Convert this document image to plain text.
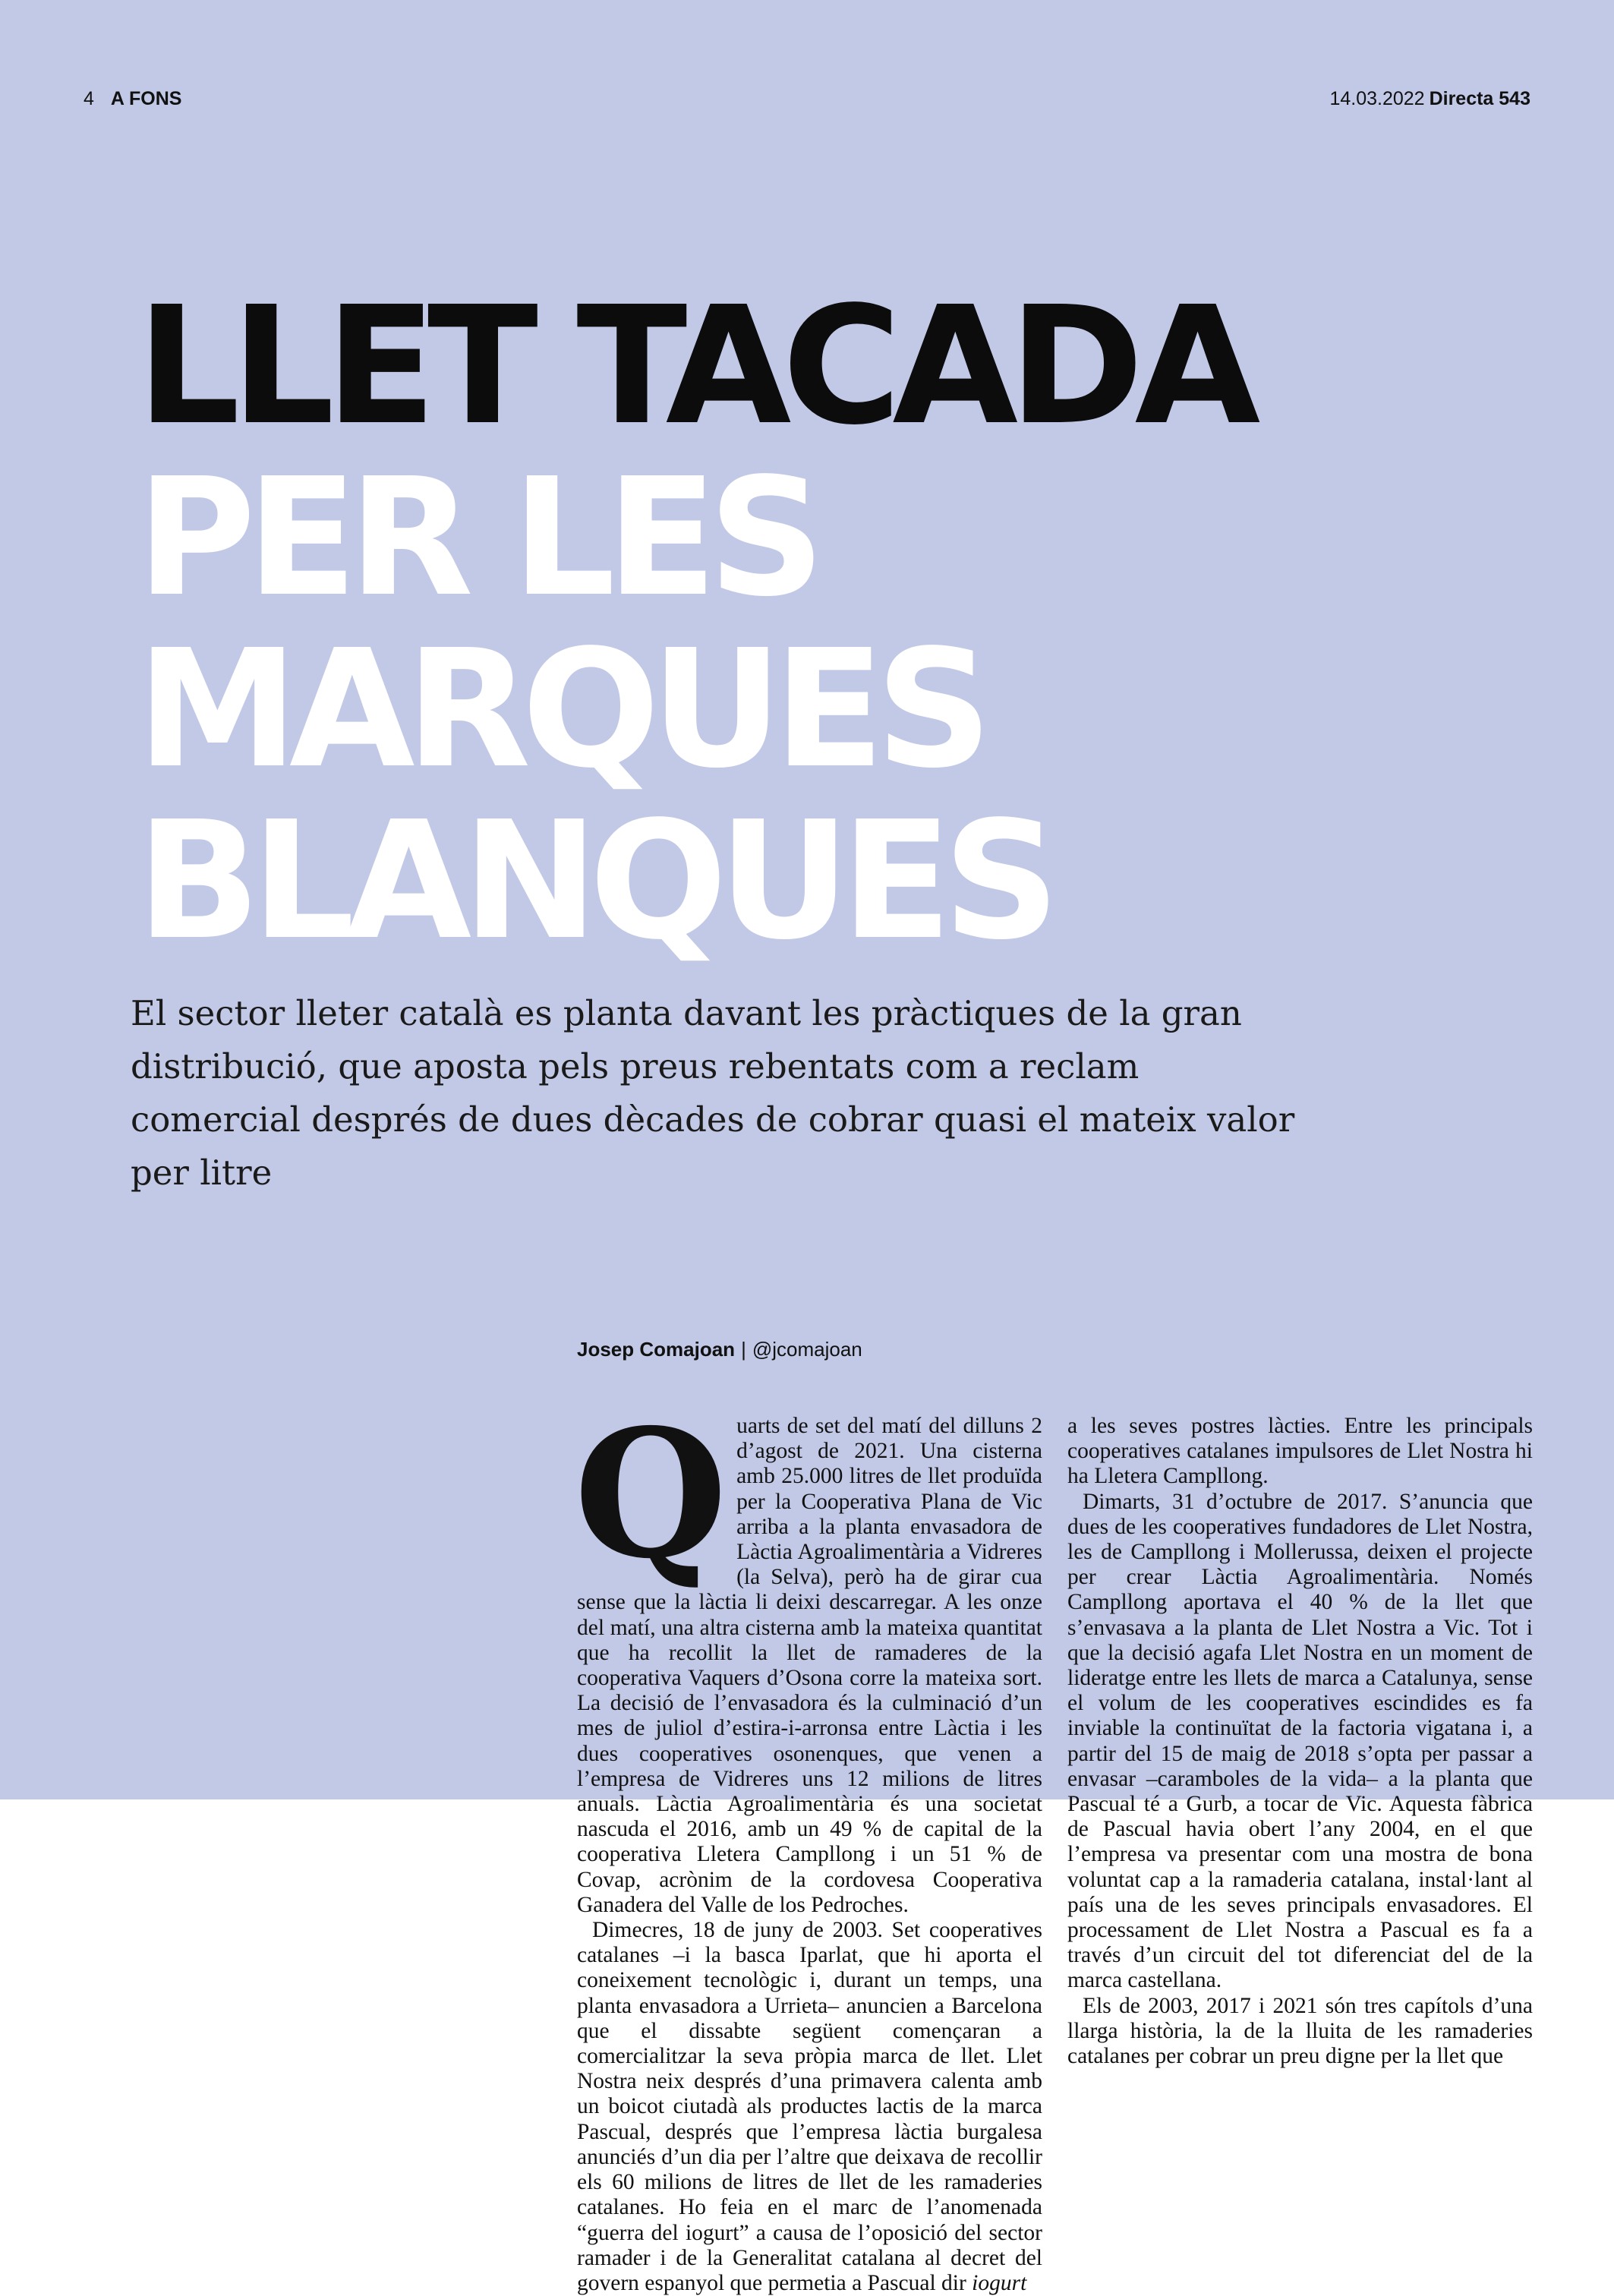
4 A FONS	14.03.2022 Directa 543
LLET TACADA
PER LES
MARQUES
BLANQUES

El sector lleter català es planta davant les pràctiques de la gran distribució, que aposta pels preus rebentats com a reclam comercial després de dues dècades de cobrar quasi el mateix valor per litre

Josep Comajoan | @jcomajoan

Quarts de set del matí del dilluns 2 d’agost de 2021. Una cisterna amb 25.000 litres de llet produïda per la Cooperativa Plana de Vic arriba a la planta envasadora de Làctia Agroalimentària a Vidreres (la Selva), però ha de girar cua sense que la làctia li deixi descarregar. A les onze del matí, una altra cisterna amb la mateixa quantitat que ha recollit la llet de ramaderes de la cooperativa Vaquers d’Osona corre la mateixa sort. La decisió de l’envasadora és la culminació d’un mes de juliol d’estira-i-arronsa entre Làctia i les dues cooperatives osonenques, que venen a l’empresa de Vidreres uns 12 milions de litres anuals. Làctia Agroalimentària és una societat nascuda el 2016, amb un 49 % de capital de la cooperativa Lletera Campllong i un 51 % de Covap, acrònim de la cordovesa Cooperativa Ganadera del Valle de los Pedroches.

Dimecres, 18 de juny de 2003. Set cooperatives catalanes –i la basca Iparlat, que hi aporta el coneixement tecnològic i, durant un temps, una planta envasadora a Urrieta– anuncien a Barcelona que el dissabte següent començaran a comercialitzar la seva pròpia marca de llet. Llet Nostra neix després d’una primavera calenta amb un boicot ciutadà als productes lactis de la marca Pascual, després que l’empresa làctia burgalesa anunciés d’un dia per l’altre que deixava de recollir els 60 milions de litres de llet de les ramaderies catalanes. Ho feia en el marc de l’anomenada “guerra del iogurt” a causa de l’oposició del sector ramader i de la Generalitat catalana al decret del govern espanyol que permetia a Pascual dir iogurt

a les seves postres làcties. Entre les principals cooperatives catalanes impulsores de Llet Nostra hi ha Lletera Campllong.

Dimarts, 31 d’octubre de 2017. S’anuncia que dues de les cooperatives fundadores de Llet Nostra, les de Campllong i Mollerussa, deixen el projecte per crear Làctia Agroalimentària. Només Campllong aportava el 40 % de la llet que s’envasava a la planta de Llet Nostra a Vic. Tot i que la decisió agafa Llet Nostra en un moment de lideratge entre les llets de marca a Catalunya, sense el volum de les cooperatives escindides es fa inviable la continuïtat de la factoria vigatana i, a partir del 15 de maig de 2018 s’opta per passar a envasar –caramboles de la vida– a la planta que Pascual té a Gurb, a tocar de Vic. Aquesta fàbrica de Pascual havia obert l’any 2004, en el que l’empresa va presentar com una mostra de bona voluntat cap a la ramaderia catalana, instal·lant al país una de les seves principals envasadores. El processament de Llet Nostra a Pascual es fa a través d’un circuit del tot diferenciat del de la marca castellana.

Els de 2003, 2017 i 2021 són tres capítols d’una llarga història, la de la lluita de les ramaderies catalanes per cobrar un preu digne per la llet que
